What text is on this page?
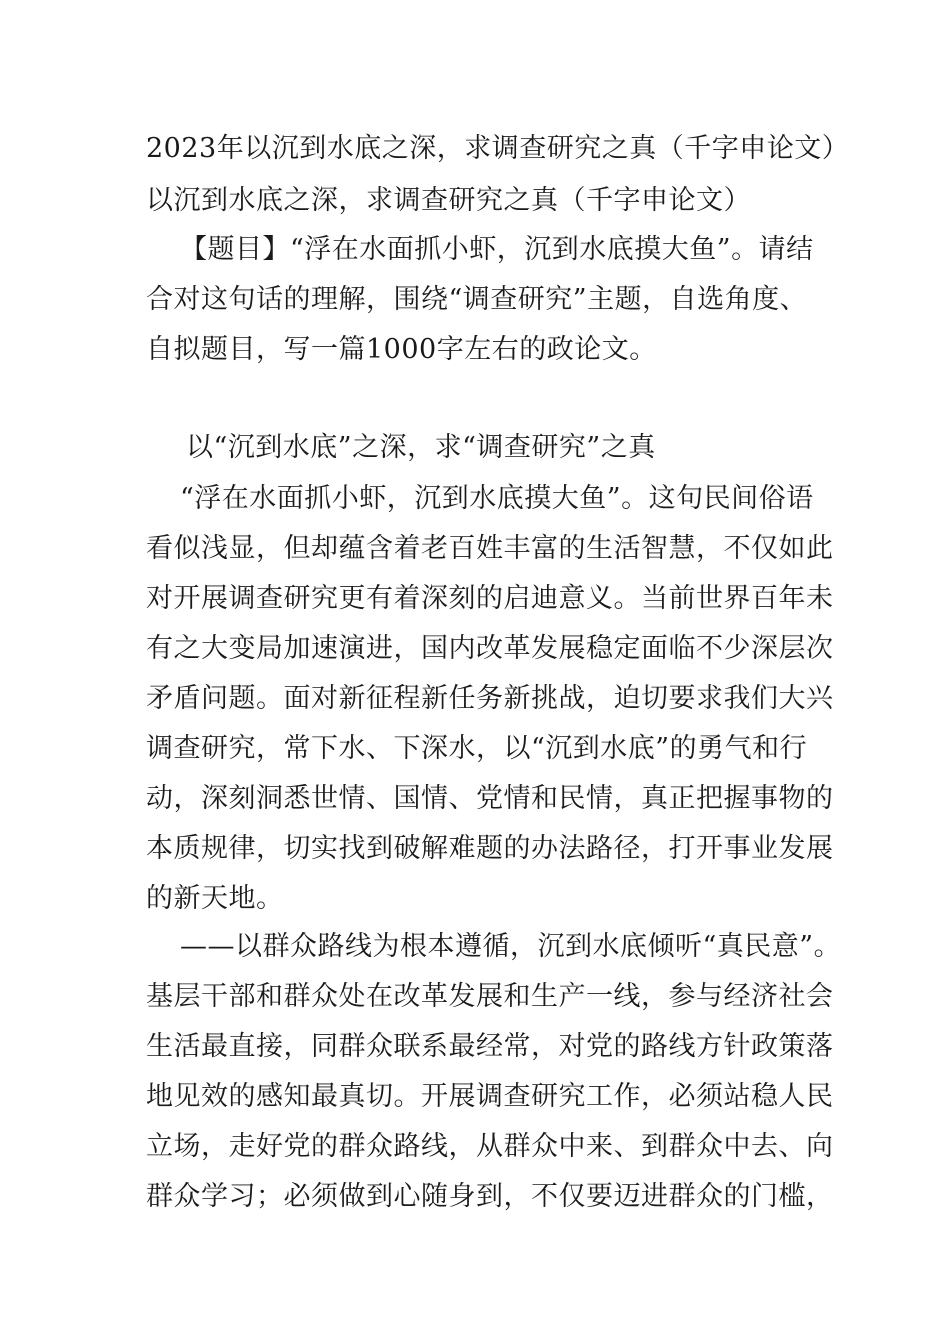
2023年以沉到水底之深，求调查研究之真（千字申论文）
以沉到水底之深，求调查研究之真（千字申论文）
【题目】“浮在水面抓小虾，沉到水底摸大鱼”。请结
合对这句话的理解，围绕“调查研究”主题，自选角度、
自拟题目，写一篇1000字左右的政论文。
以“沉到水底”之深，求“调查研究”之真
“浮在水面抓小虾，沉到水底摸大鱼”。这句民间俗语
看似浅显，但却蕴含着老百姓丰富的生活智慧，不仅如此
对开展调查研究更有着深刻的启迪意义。当前世界百年未
有之大变局加速演进，国内改革发展稳定面临不少深层次
矛盾问题。面对新征程新任务新挑战，迫切要求我们大兴
调查研究，常下水、下深水，以“沉到水底”的勇气和行
动，深刻洞悉世情、国情、党情和民情，真正把握事物的
本质规律，切实找到破解难题的办法路径，打开事业发展
的新天地。
——以群众路线为根本遵循，沉到水底倾听“真民意”。
基层干部和群众处在改革发展和生产一线，参与经济社会
生活最直接，同群众联系最经常，对党的路线方针政策落
地见效的感知最真切。开展调查研究工作，必须站稳人民
立场，走好党的群众路线，从群众中来、到群众中去、向
群众学习；必须做到心随身到，不仅要迈进群众的门槛，
